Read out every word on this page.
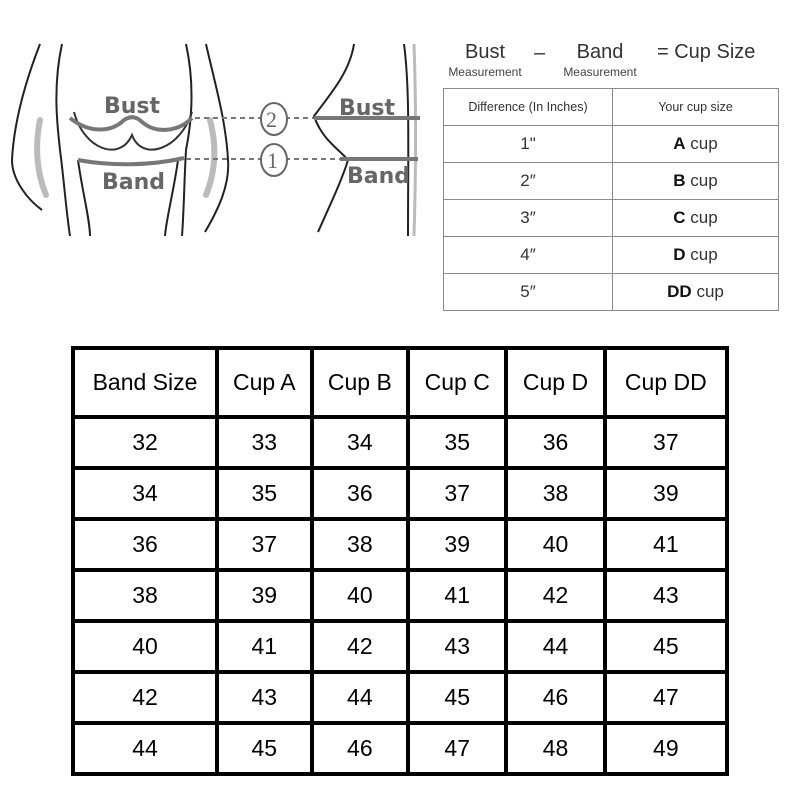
Bust
Band
2
1
Bust
Band
Bust
Measurement
–	Band
Measurement
= Cup Size
Difference (In Inches)	Your cup size
1"	A cup
2″	B cup
3″	C cup
4″	D cup
5″	DD cup
Band Size	Cup A	Cup B	Cup C	Cup D	Cup DD
32	33	34	35	36	37
34	35	36	37	38	39
36	37	38	39	40	41
38	39	40	41	42	43
40	41	42	43	44	45
42	43	44	45	46	47
44	45	46	47	48	49
